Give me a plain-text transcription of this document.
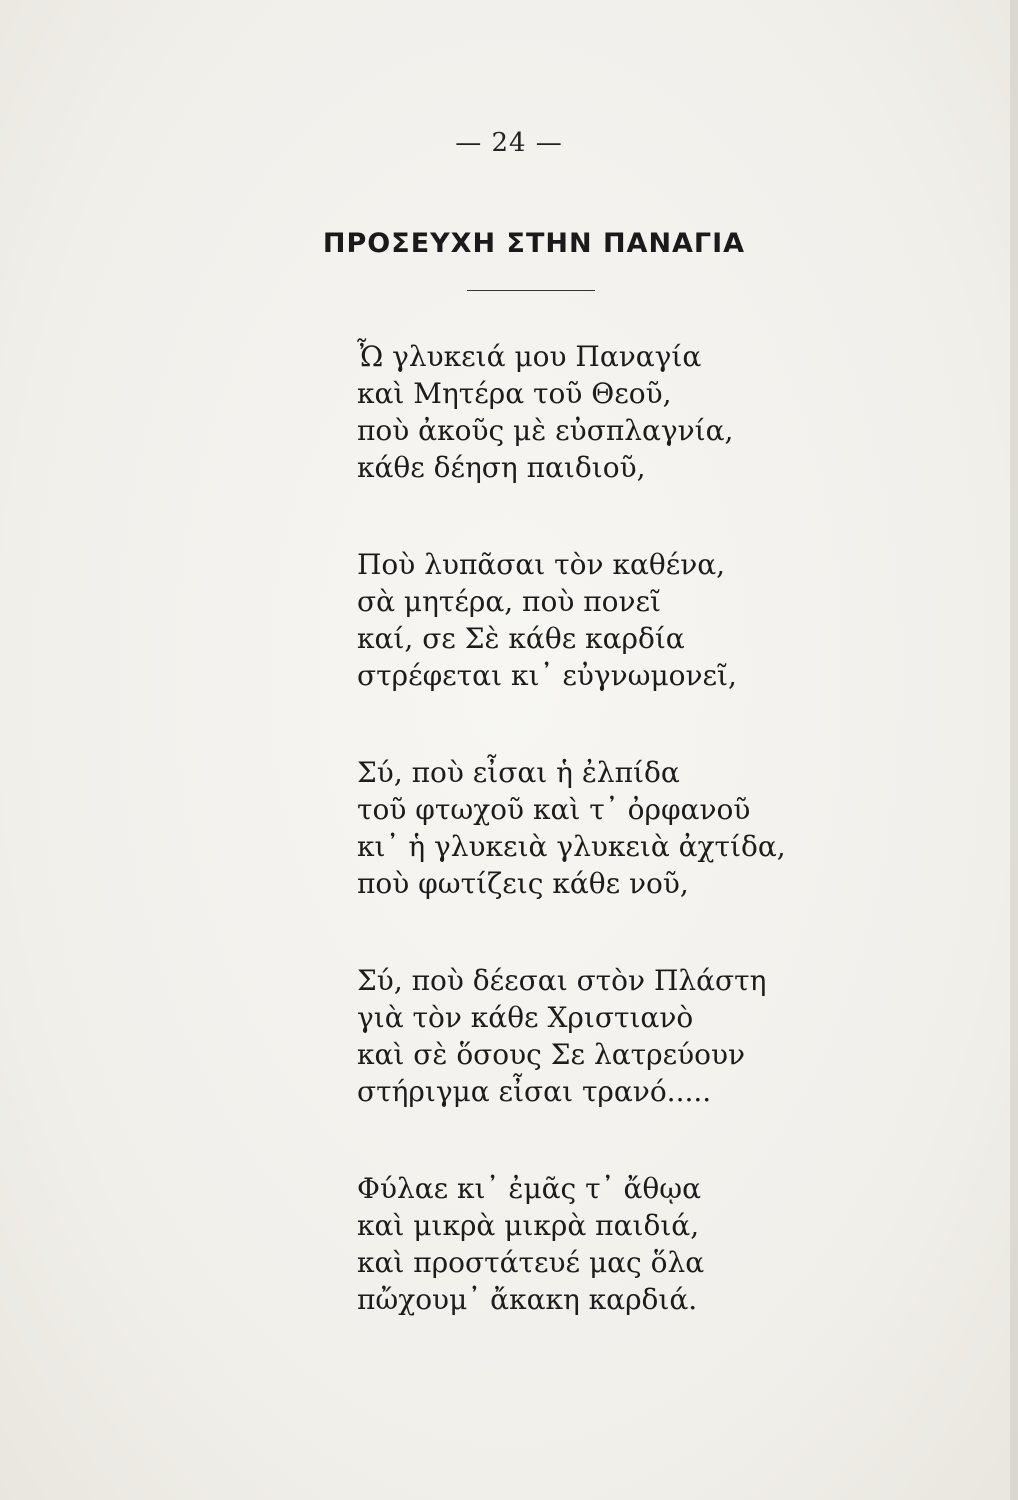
— 24 —
ΠΡΟΣΕΥΧΗ ΣΤΗΝ ΠΑΝΑΓΙΑ
Ὦ γλυκειά μου Παναγία
καὶ Μητέρα τοῦ Θεοῦ,
ποὺ ἀκοῦς μὲ εὐσπλαγνία,
κάθε δέηση παιδιοῦ,
Ποὺ λυπᾶσαι τὸν καθένα,
σὰ μητέρα, ποὺ πονεῖ
καί, σε Σὲ κάθε καρδία
στρέφεται κι᾽ εὐγνωμονεῖ,
Σύ, ποὺ εἶσαι ἡ ἐλπίδα
τοῦ φτωχοῦ καὶ τ᾽ ὀρφανοῦ
κι᾽ ἡ γλυκειὰ γλυκειὰ ἀχτίδα,
ποὺ φωτίζεις κάθε νοῦ,
Σύ, ποὺ δέεσαι στὸν Πλάστη
γιὰ τὸν κάθε Χριστιανὸ
καὶ σὲ ὅσους Σε λατρεύουν
στήριγμα εἶσαι τρανό.....
Φύλαε κι᾽ ἐμᾶς τ᾽ ἄθῳα
καὶ μικρὰ μικρὰ παιδιά,
καὶ προστάτευέ μας ὅλα
πὤχουμ᾽ ἄκακη καρδιά.
